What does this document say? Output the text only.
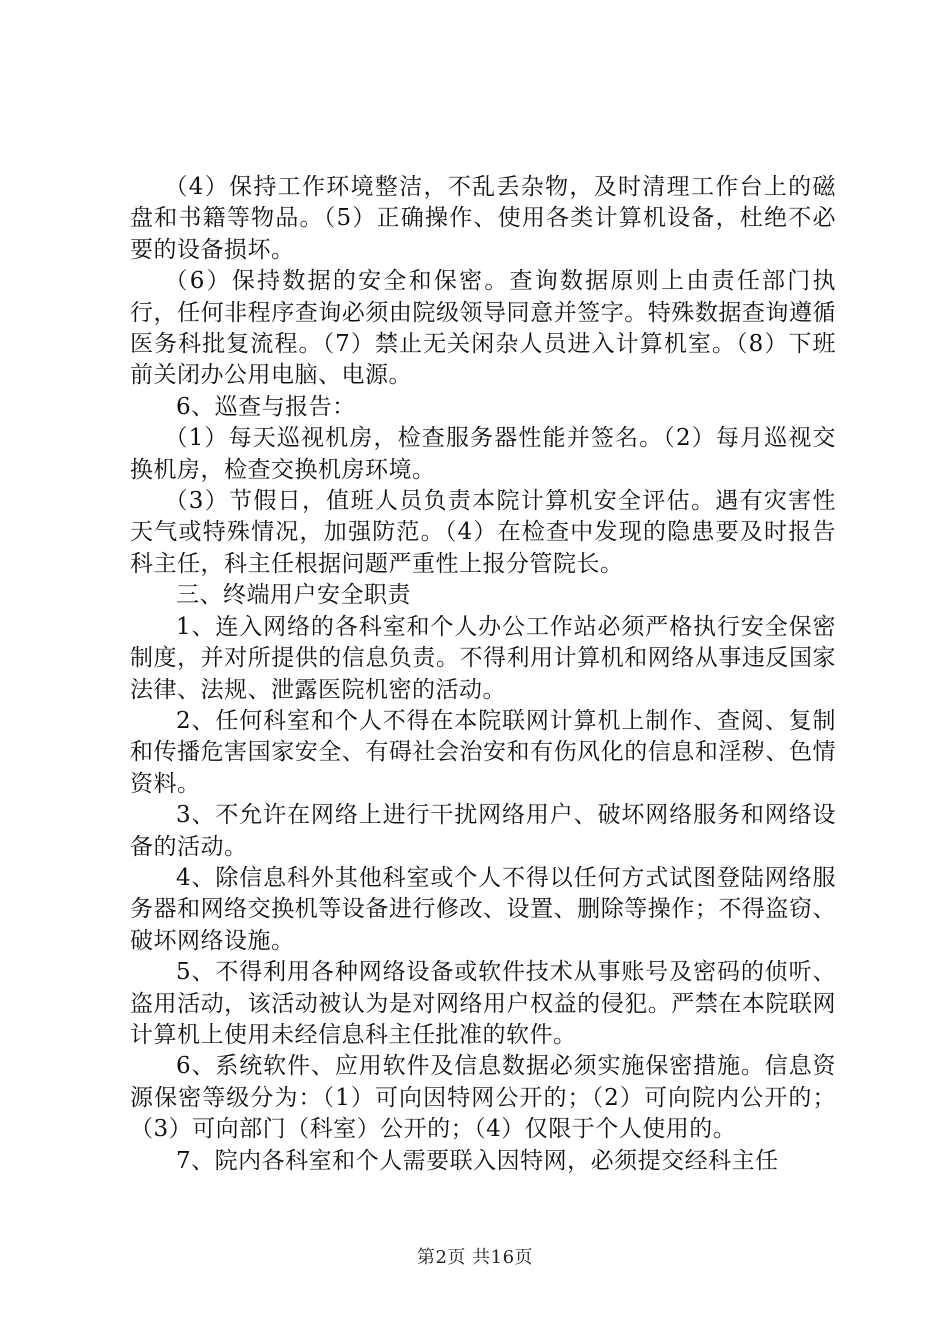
（4）保持工作环境整洁，不乱丢杂物，及时清理工作台上的磁盘和书籍等物品。（5）正确操作、使用各类计算机设备，杜绝不必要的设备损坏。

（6）保持数据的安全和保密。查询数据原则上由责任部门执行，任何非程序查询必须由院级领导同意并签字。特殊数据查询遵循医务科批复流程。（7）禁止无关闲杂人员进入计算机室。（8）下班前关闭办公用电脑、电源。

6、巡查与报告：

（1）每天巡视机房，检查服务器性能并签名。（2）每月巡视交换机房，检查交换机房环境。

（3）节假日，值班人员负责本院计算机安全评估。遇有灾害性天气或特殊情况，加强防范。（4）在检查中发现的隐患要及时报告科主任，科主任根据问题严重性上报分管院长。

三、终端用户安全职责

1、连入网络的各科室和个人办公工作站必须严格执行安全保密制度，并对所提供的信息负责。不得利用计算机和网络从事违反国家法律、法规、泄露医院机密的活动。

2、任何科室和个人不得在本院联网计算机上制作、查阅、复制和传播危害国家安全、有碍社会治安和有伤风化的信息和淫秽、色情资料。

3、不允许在网络上进行干扰网络用户、破坏网络服务和网络设备的活动。

4、除信息科外其他科室或个人不得以任何方式试图登陆网络服务器和网络交换机等设备进行修改、设置、删除等操作；不得盗窃、破坏网络设施。

5、不得利用各种网络设备或软件技术从事账号及密码的侦听、盗用活动，该活动被认为是对网络用户权益的侵犯。严禁在本院联网计算机上使用未经信息科主任批准的软件。

6、系统软件、应用软件及信息数据必须实施保密措施。信息资源保密等级分为：（1）可向因特网公开的；（2）可向院内公开的；（3）可向部门（科室）公开的；（4）仅限于个人使用的。

7、院内各科室和个人需要联入因特网，必须提交经科主任

第2页 共16页
